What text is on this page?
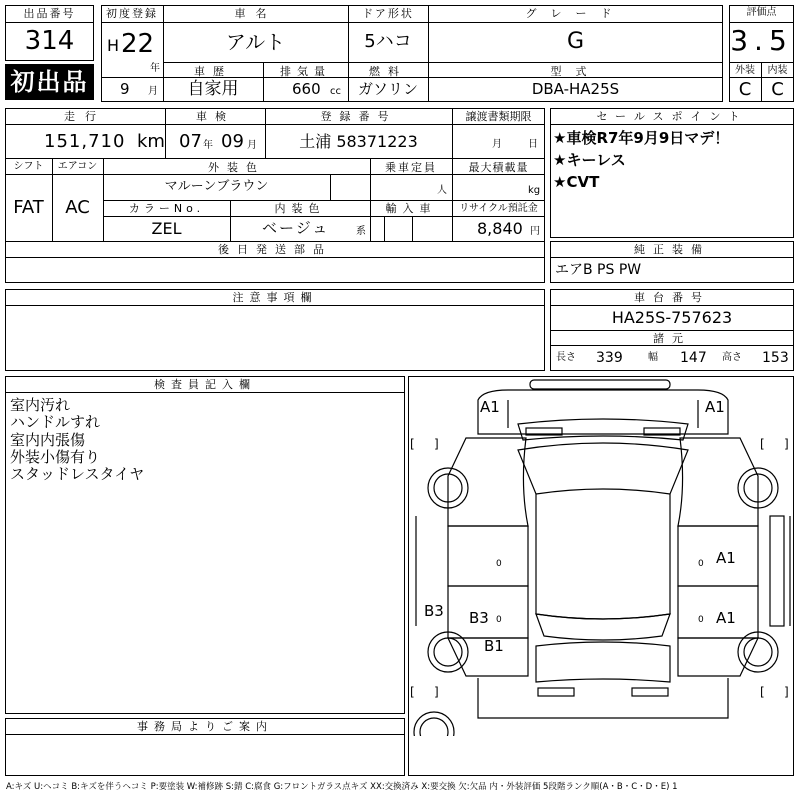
出品番号
314
初出品
初度登録
H 22
年
9 月
車名
アルト
ドア形状
5ハコ
グレード
G
車歴
自家用
排気量
660 cc
燃料
ガソリン
型式
DBA-HA25S
評価点
3.5
外装	内装
C	C
走行
151,710 km
車検
07 年 09 月
登録番号
土浦 58371223
譲渡書類期限
月	日
シフト
FAT
エアコン
AC
外装色
マルーンブラウン
乗車定員
人
最大積載量
kg
カラーNo.
ZEL
内装色
ベージュ	系
輸入車	リサイクル預託金
8,840 円
後日発送部品
セールスポイント
★車検R7年9月9日マデ！
★キーレス
★CVT
純正装備
エアB PS PW
注意事項欄	車台番号
HA25S-757623
諸元
長さ 339	幅 147 高さ 153
検査員記入欄
室内汚れ
ハンドルすれ
室内内張傷
外装小傷有り
スタッドレスタイヤ
事務局よりご案内
[ ]	[ ]
[ ]	[ ]
0
0
0
0
A1	A1
A1
A1
B3 B3
B1
A:キズ U:ヘコミ B:キズを伴うヘコミ P:要塗装 W:補修跡 S:錆 C:腐食 G:フロントガラス点キズ XX:交換済み X:要交換 欠:欠品 内・外装評価 5段階ランク順(A・B・C・D・E) 1
